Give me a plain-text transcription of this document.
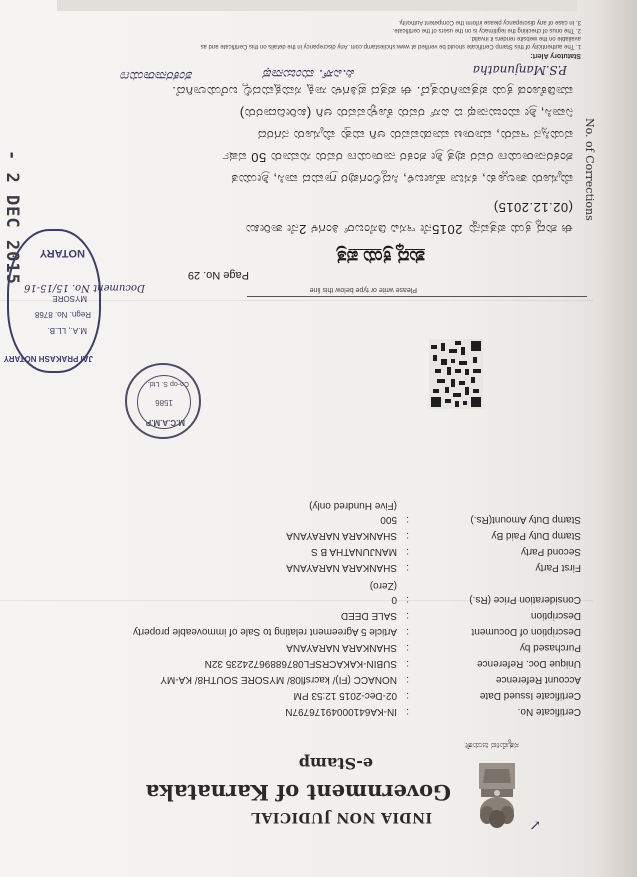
- 2 DEC 2015	No. of Corrections
ಸತ್ಯಮೇವ ಜಯತೇ
INDIA NON JUDICIAL
Government of Karnataka
e-Stamp
↙
Certificate No.
:
IN-KA64100049176797N
Certificate Issued Date
:
02-Dec-2015 12:53 PM
Account Reference
:
NONACC (FI)/ kacrsfl08/ MYSORE SOUTH8/ KA-MY
Unique Doc. Reference
:
SUBIN-KAKACRSFL08768896724235 32N
Purchased by
:
SHANKARA NARAYANA
Description of Document
:
Article 5 Agreement relating to Sale of immoveable property
Description
:
SALE DEED
Consideration Price (Rs.)
:
0
(Zero)
First Party
:
SHANKARA NARAYANA
Second Party
:
MANJUNATHA B S
Stamp Duty Paid By
:
SHANKARA NARAYANA
Stamp Duty Amount(Rs.)
:
500
(Five Hundred only)
M.C.A.M.P
1586
Co-op S. Ltd.
JAI PRAKASH NOTARY
M.A., LL.B.
Regn. No. 8768
MYSORE
NOTARY
Please write or type below this line
Page No. 29
Document No. 15/15-16
ಶುದ್ಧ ಕ್ರಯ ಪತ್ರ
ಈ ಶುದ್ಧ ಕ್ರಯ ಪತ್ರವನ್ನು 2015ನೇ ಇಸವಿ ಡಿಸೆಂಬರ್ ತಿಂಗಳ 2ನೇ ತಾರೀಖು
(02.12.2015)
ಮೈಸೂರು ತಾಲ್ಲೂಕು, ಕಸಬಾ ಹೋಬಳಿ, ಸಿದ್ದಲಿಂಗಪುರ ಗ್ರಾಮದ ವಾಸಿ, ಶ್ರೀಯುತ
ಶಂಕರನಾರಾಯಣ ರವರ ಪುತ್ರ ಶ್ರೀ ಶಂಕರ ನಾರಾಯಣ ರವರು ಸುಮಾರು 50 ವರ್ಷ
ವಯಸ್ಸಿನ ಇವರು, ಮಾರಾಟ ಮಾಡುವವರು ಆಗಿ ಮತ್ತು ಮೈಸೂರು ನಗರದ
ನಿವಾಸಿ, ಶ್ರೀ ಮಂಜುನಾಥ ಬಿ ಎಸ್ ರವರು ಕೊಳ್ಳುವವರು ಆಗಿ (ಖರೀದಿದಾರರು)
ಮಾಡಿಕೊಂಡ ಕ್ರಯ ಪತ್ರವಾಗಿರುತ್ತದೆ. ಈ ಪತ್ರದ ಪ್ರತಿಗಳು ಸಾಕ್ಷಿ ಸಮಕ್ಷಮದಲ್ಲಿ ಬರೆಯಲಾಗಿದೆ.
ಶಂಕರನಾರಾಯಣ	ಪಿ.ಎಸ್. ಮಂಜುನಾಥ	P.S.Manjunatha
Statutory Alert:
1. The authenticity of this Stamp Certificate should be verified at www.shcilestamp.com. Any discrepancy in the details on this Certificate and as
available on the website renders it invalid.
2. The onus of checking the legitimacy is on the users of the certificate.
3. In case of any discrepancy please inform the Competent Authority.
